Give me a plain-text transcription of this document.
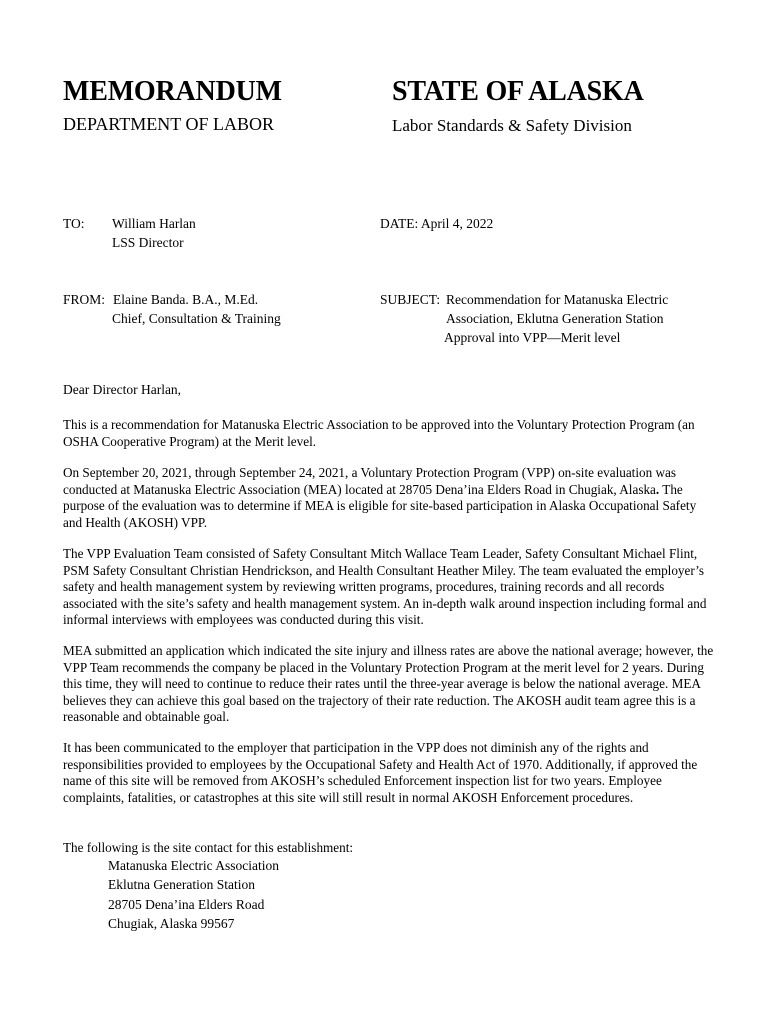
MEMORANDUM	STATE OF ALASKA
DEPARTMENT OF LABOR	Labor Standards & Safety Division
TO: William Harlan
LSS Director
DATE: April 4, 2022
FROM: Elaine Banda. B.A., M.Ed.
Chief, Consultation & Training
SUBJECT: Recommendation for Matanuska Electric
Association, Eklutna Generation Station
Approval into VPP—Merit level
Dear Director Harlan,

This is a recommendation for Matanuska Electric Association to be approved into the Voluntary Protection Program (an OSHA Cooperative Program) at the Merit level.

On September 20, 2021, through September 24, 2021, a Voluntary Protection Program (VPP) on-site evaluation was conducted at Matanuska Electric Association (MEA) located at 28705 Dena’ina Elders Road in Chugiak, Alaska. The purpose of the evaluation was to determine if MEA is eligible for site-based participation in Alaska Occupational Safety and Health (AKOSH) VPP.

The VPP Evaluation Team consisted of Safety Consultant Mitch Wallace Team Leader, Safety Consultant Michael Flint, PSM Safety Consultant Christian Hendrickson, and Health Consultant Heather Miley. The team evaluated the employer’s safety and health management system by reviewing written programs, procedures, training records and all records associated with the site’s safety and health management system. An in-depth walk around inspection including formal and informal interviews with employees was conducted during this visit.

MEA submitted an application which indicated the site injury and illness rates are above the national average; however, the VPP Team recommends the company be placed in the Voluntary Protection Program at the merit level for 2 years. During this time, they will need to continue to reduce their rates until the three-year average is below the national average. MEA believes they can achieve this goal based on the trajectory of their rate reduction. The AKOSH audit team agree this is a reasonable and obtainable goal.

It has been communicated to the employer that participation in the VPP does not diminish any of the rights and responsibilities provided to employees by the Occupational Safety and Health Act of 1970. Additionally, if approved the name of this site will be removed from AKOSH’s scheduled Enforcement inspection list for two years. Employee complaints, fatalities, or catastrophes at this site will still result in normal AKOSH Enforcement procedures.

The following is the site contact for this establishment:
Matanuska Electric Association
Eklutna Generation Station
28705 Dena’ina Elders Road
Chugiak, Alaska 99567
